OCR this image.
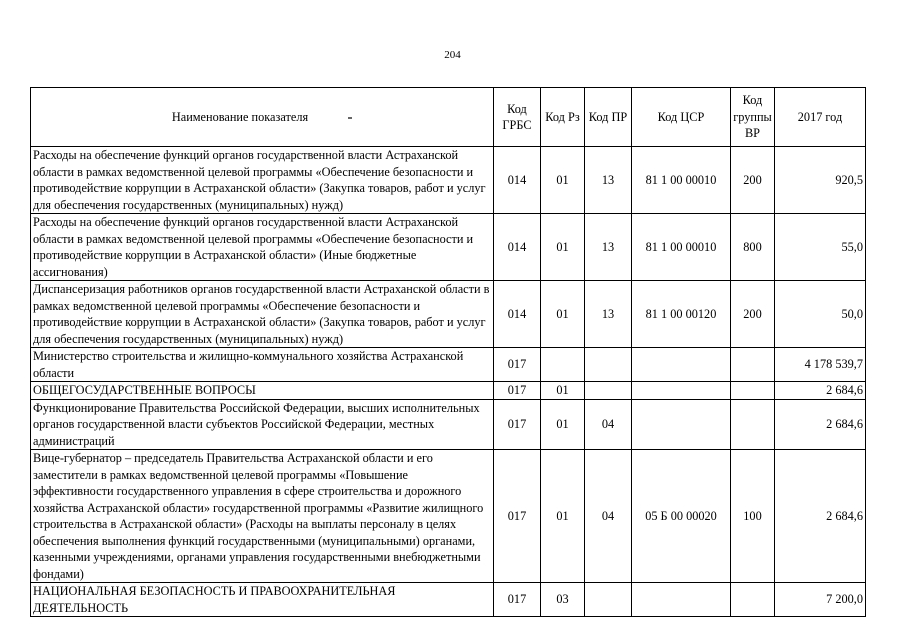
204
Наименование показателя	Код ГРБС	Код Рз	Код ПР	Код ЦСР	Код группы ВР	2017 год
Расходы на обеспечение функций органов государственной власти Астраханской области в рамках ведомственной целевой программы «Обеспечение безопасности и противодействие коррупции в Астраханской области» (Закупка товаров, работ и услуг для обеспечения государственных (муниципальных) нужд)	014	01	13	81 1 00 00010	200	920,5
Расходы на обеспечение функций органов государственной власти Астраханской области в рамках ведомственной целевой программы «Обеспечение безопасности и противодействие коррупции в Астраханской области» (Иные бюджетные ассигнования)	014	01	13	81 1 00 00010	800	55,0
Диспансеризация работников органов государственной власти Астраханской области в рамках ведомственной целевой программы «Обеспечение безопасности и противодействие коррупции в Астраханской области» (Закупка товаров, работ и услуг для обеспечения государственных (муниципальных) нужд)	014	01	13	81 1 00 00120	200	50,0
Министерство строительства и жилищно-коммунального хозяйства Астраханской области	017					4 178 539,7
ОБЩЕГОСУДАРСТВЕННЫЕ ВОПРОСЫ	017	01				2 684,6
Функционирование Правительства Российской Федерации, высших исполнительных органов государственной власти субъектов Российской Федерации, местных администраций	017	01	04			2 684,6
Вице-губернатор – председатель Правительства Астраханской области и его заместители в рамках ведомственной целевой программы «Повышение эффективности государственного управления в сфере строительства и дорожного хозяйства Астраханской области» государственной программы «Развитие жилищного строительства в Астраханской области» (Расходы на выплаты персоналу в целях обеспечения выполнения функций государственными (муниципальными) органами, казенными учреждениями, органами управления государственными внебюджетными фондами)	017	01	04	05 Б 00 00020	100	2 684,6
НАЦИОНАЛЬНАЯ БЕЗОПАСНОСТЬ И ПРАВООХРАНИТЕЛЬНАЯ ДЕЯТЕЛЬНОСТЬ	017	03				7 200,0
